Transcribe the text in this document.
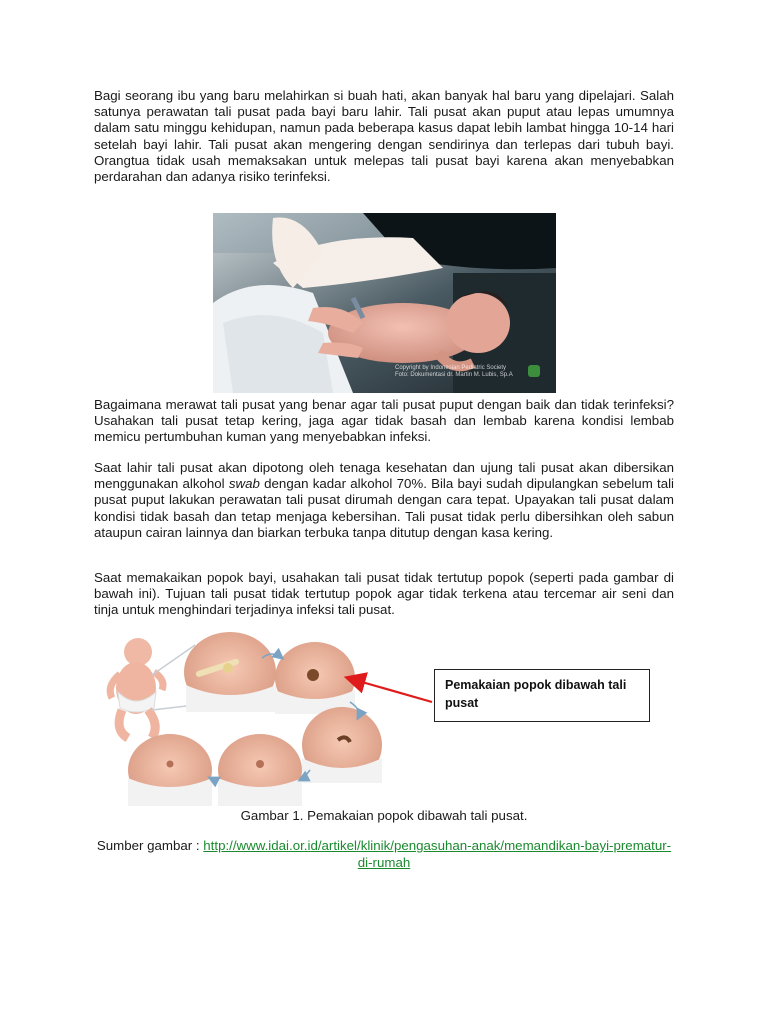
Bagi seorang ibu yang baru melahirkan si buah hati, akan banyak hal baru yang dipelajari. Salah satunya perawatan tali pusat pada bayi baru lahir. Tali pusat akan puput atau lepas umumnya dalam satu minggu kehidupan, namun pada beberapa kasus dapat lebih lambat hingga 10-14 hari setelah bayi lahir. Tali pusat akan mengering dengan sendirinya dan terlepas dari tubuh bayi. Orangtua tidak usah memaksakan untuk melepas tali pusat bayi karena akan menyebabkan perdarahan dan adanya risiko terinfeksi.

Copyright by Indonesian Pediatric Society
Foto: Dokumentasi dr. Martin M. Lubis, Sp.A

Bagaimana merawat tali pusat yang benar agar tali pusat puput dengan baik dan tidak terinfeksi? Usahakan tali pusat tetap kering, jaga agar tidak basah dan lembab karena kondisi lembab memicu pertumbuhan kuman yang menyebabkan infeksi.

Saat lahir tali pusat akan dipotong oleh tenaga kesehatan dan ujung tali pusat akan dibersikan menggunakan alkohol swab dengan kadar alkohol 70%. Bila bayi sudah dipulangkan sebelum tali pusat puput lakukan perawatan tali pusat dirumah dengan cara tepat. Upayakan tali pusat dalam kondisi tidak basah dan tetap menjaga kebersihan. Tali pusat tidak perlu dibersihkan oleh sabun ataupun cairan lainnya dan biarkan terbuka tanpa ditutup dengan kasa kering.

Saat memakaikan popok bayi, usahakan tali pusat tidak tertutup popok (seperti pada gambar di bawah ini). Tujuan tali pusat tidak tertutup popok agar tidak terkena atau tercemar air seni dan tinja untuk menghindari terjadinya infeksi tali pusat.

Pemakaian popok dibawah tali pusat
Gambar 1. Pemakaian popok dibawah tali pusat.
Sumber gambar : http://www.idai.or.id/artikel/klinik/pengasuhan-anak/memandikan-bayi-prematur-di-rumah
